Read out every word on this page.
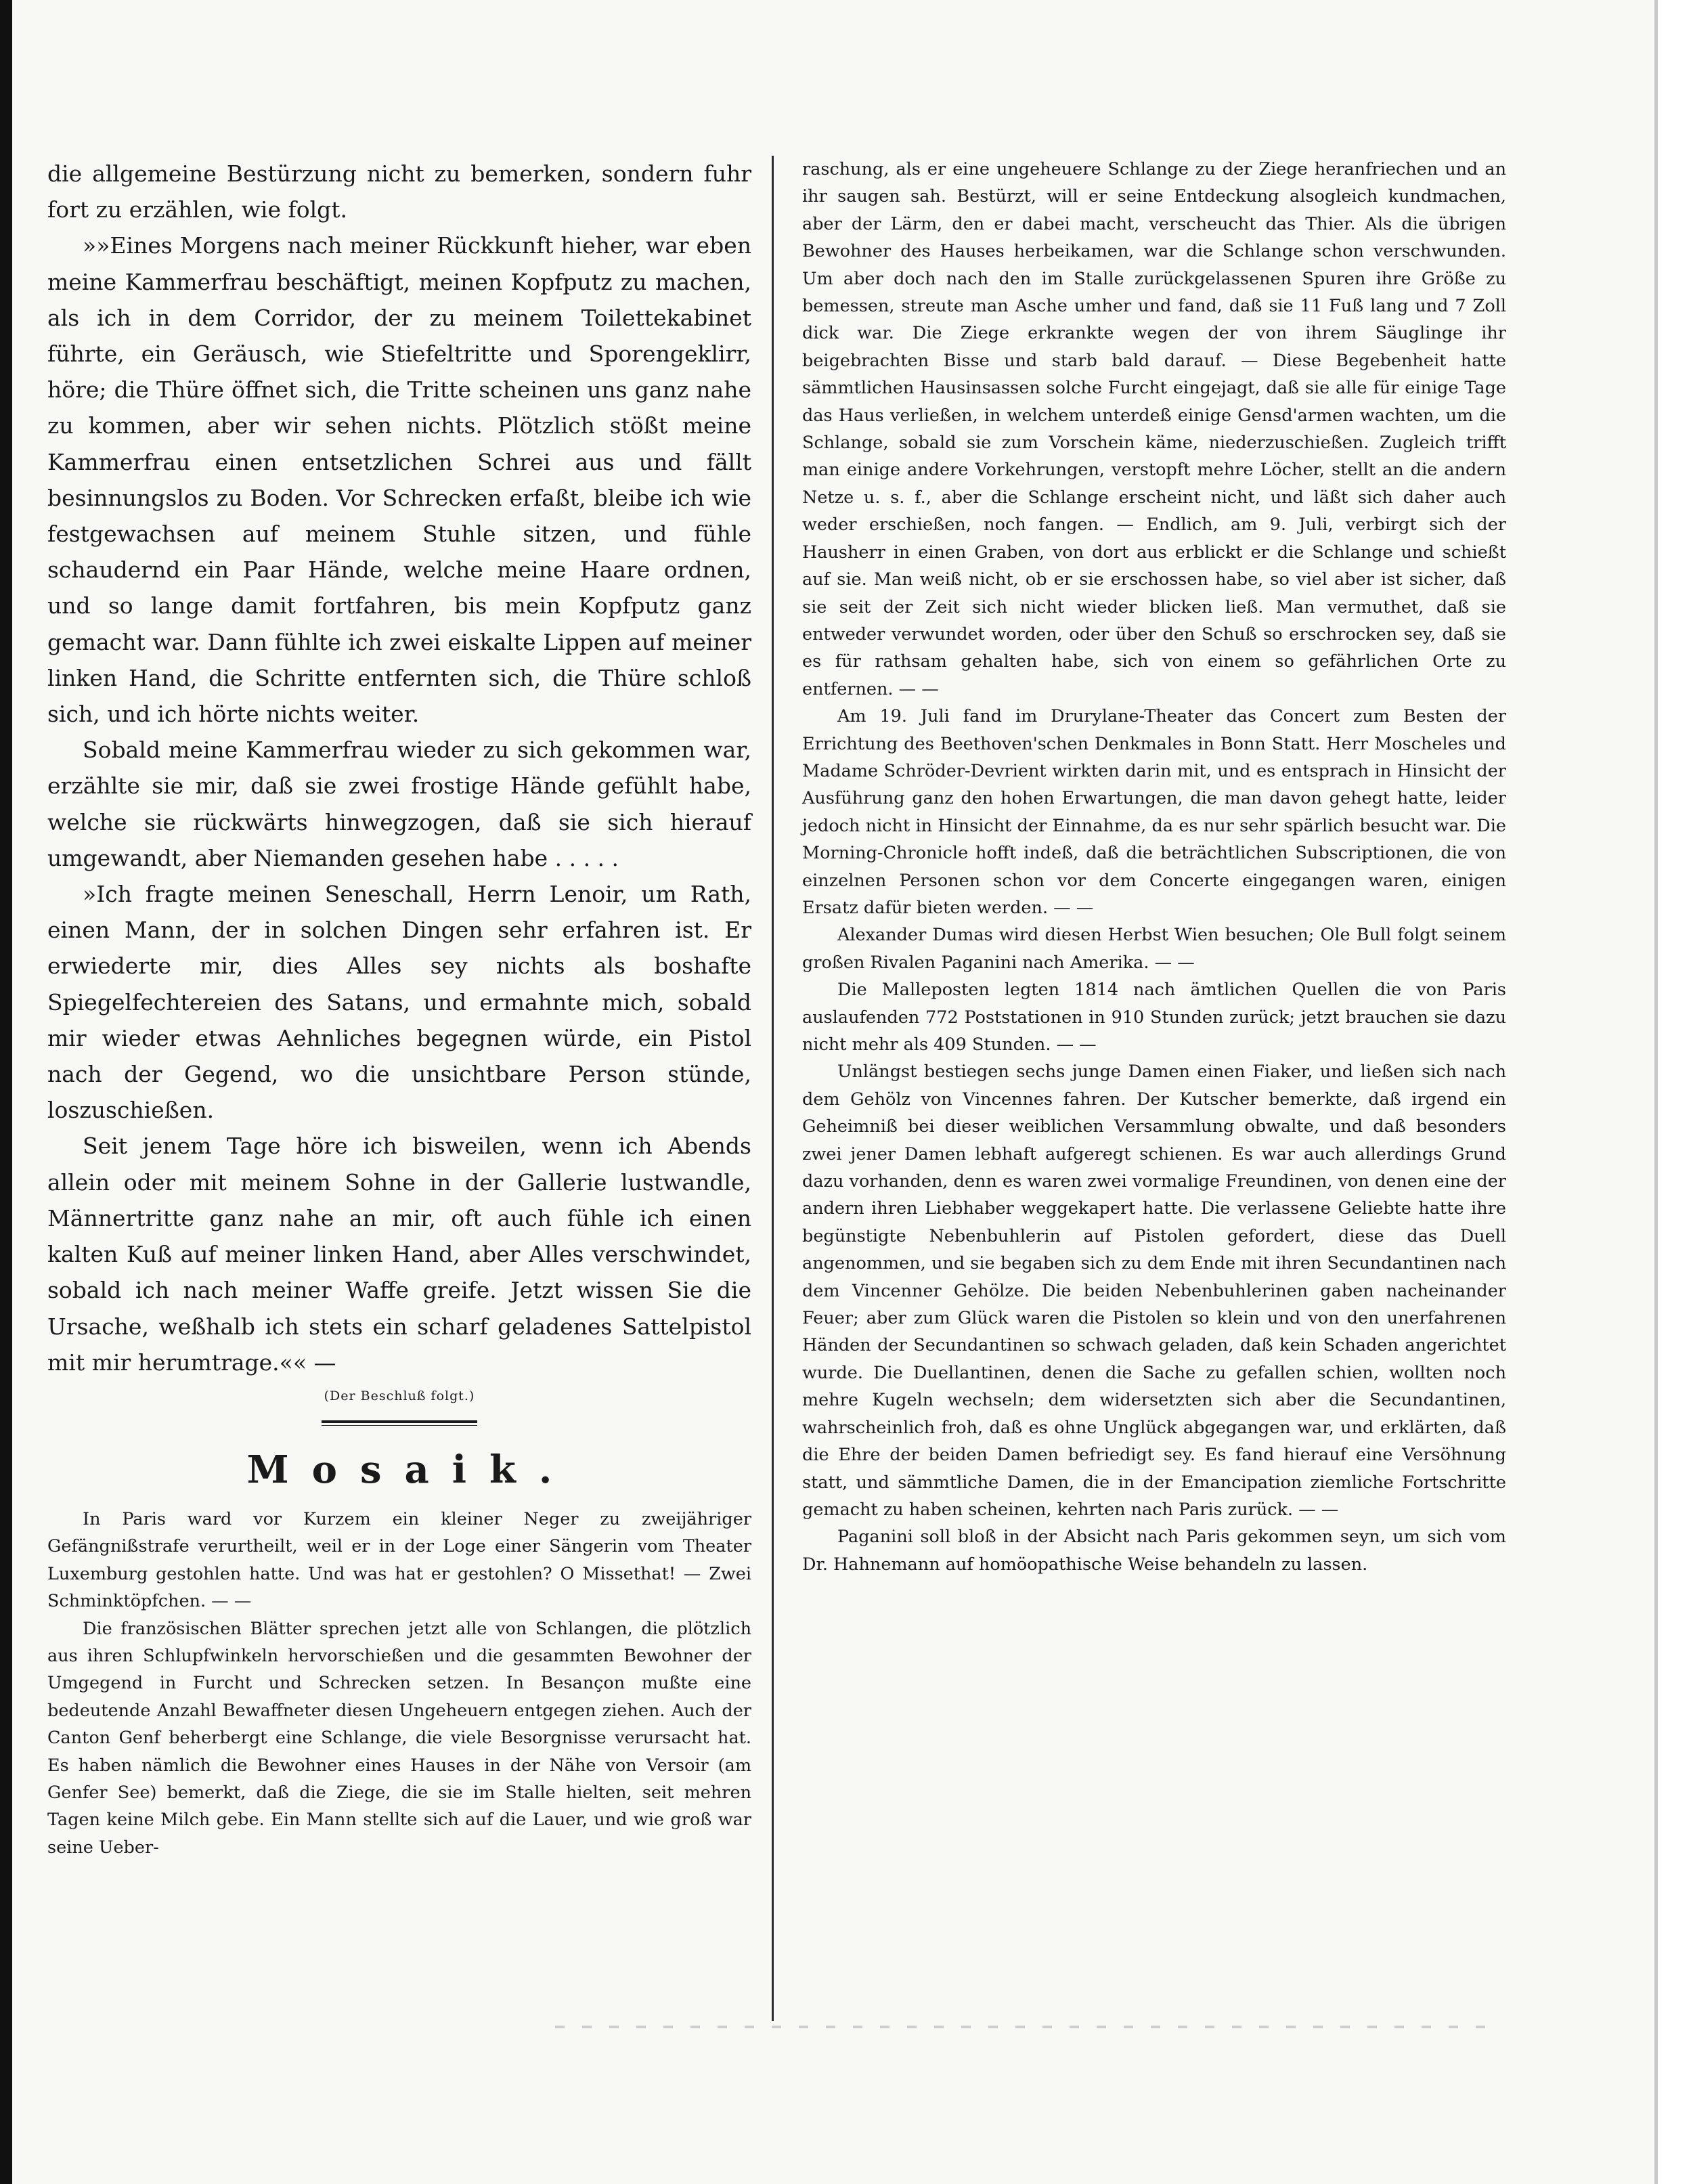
die allgemeine Bestürzung nicht zu bemerken, sondern fuhr fort zu erzählen, wie folgt.

»»Eines Morgens nach meiner Rückkunft hieher, war eben meine Kammerfrau beschäftigt, meinen Kopfputz zu machen, als ich in dem Corridor, der zu meinem Toilettekabinet führte, ein Geräusch, wie Stiefeltritte und Sporengeklirr, höre; die Thüre öffnet sich, die Tritte scheinen uns ganz nahe zu kommen, aber wir sehen nichts. Plötzlich stößt meine Kammerfrau einen entsetzlichen Schrei aus und fällt besinnungslos zu Boden. Vor Schrecken erfaßt, bleibe ich wie festgewachsen auf meinem Stuhle sitzen, und fühle schaudernd ein Paar Hände, welche meine Haare ordnen, und so lange damit fortfahren, bis mein Kopfputz ganz gemacht war. Dann fühlte ich zwei eiskalte Lippen auf meiner linken Hand, die Schritte entfernten sich, die Thüre schloß sich, und ich hörte nichts weiter.

Sobald meine Kammerfrau wieder zu sich gekommen war, erzählte sie mir, daß sie zwei frostige Hände gefühlt habe, welche sie rückwärts hinwegzogen, daß sie sich hierauf umgewandt, aber Niemanden gesehen habe . . . . .

»Ich fragte meinen Seneschall, Herrn Lenoir, um Rath, einen Mann, der in solchen Dingen sehr erfahren ist. Er erwiederte mir, dies Alles sey nichts als boshafte Spiegelfechtereien des Satans, und ermahnte mich, sobald mir wieder etwas Aehnliches begegnen würde, ein Pistol nach der Gegend, wo die unsichtbare Person stünde, loszuschießen.

Seit jenem Tage höre ich bisweilen, wenn ich Abends allein oder mit meinem Sohne in der Gallerie lustwandle, Männertritte ganz nahe an mir, oft auch fühle ich einen kalten Kuß auf meiner linken Hand, aber Alles verschwindet, sobald ich nach meiner Waffe greife. Jetzt wissen Sie die Ursache, weßhalb ich stets ein scharf geladenes Sattelpistol mit mir herumtrage.«« —

(Der Beschluß folgt.)
Mosaik.

In Paris ward vor Kurzem ein kleiner Neger zu zweijähriger Gefängnißstrafe verurtheilt, weil er in der Loge einer Sängerin vom Theater Luxemburg gestohlen hatte. Und was hat er gestohlen? O Missethat! — Zwei Schminktöpfchen. — —

Die französischen Blätter sprechen jetzt alle von Schlangen, die plötzlich aus ihren Schlupfwinkeln hervorschießen und die gesammten Bewohner der Umgegend in Furcht und Schrecken setzen. In Besançon mußte eine bedeutende Anzahl Bewaffneter diesen Ungeheuern entgegen ziehen. Auch der Canton Genf beherbergt eine Schlange, die viele Besorgnisse verursacht hat. Es haben nämlich die Bewohner eines Hauses in der Nähe von Versoir (am Genfer See) bemerkt, daß die Ziege, die sie im Stalle hielten, seit mehren Tagen keine Milch gebe. Ein Mann stellte sich auf die Lauer, und wie groß war seine Ueber-

raschung, als er eine ungeheuere Schlange zu der Ziege heranfriechen und an ihr saugen sah. Bestürzt, will er seine Entdeckung alsogleich kundmachen, aber der Lärm, den er dabei macht, verscheucht das Thier. Als die übrigen Bewohner des Hauses herbeikamen, war die Schlange schon verschwunden. Um aber doch nach den im Stalle zurückgelassenen Spuren ihre Größe zu bemessen, streute man Asche umher und fand, daß sie 11 Fuß lang und 7 Zoll dick war. Die Ziege erkrankte wegen der von ihrem Säuglinge ihr beigebrachten Bisse und starb bald darauf. — Diese Begebenheit hatte sämmtlichen Hausinsassen solche Furcht eingejagt, daß sie alle für einige Tage das Haus verließen, in welchem unterdeß einige Gensd'armen wachten, um die Schlange, sobald sie zum Vorschein käme, niederzuschießen. Zugleich trifft man einige andere Vorkehrungen, verstopft mehre Löcher, stellt an die andern Netze u. s. f., aber die Schlange erscheint nicht, und läßt sich daher auch weder erschießen, noch fangen. — Endlich, am 9. Juli, verbirgt sich der Hausherr in einen Graben, von dort aus erblickt er die Schlange und schießt auf sie. Man weiß nicht, ob er sie erschossen habe, so viel aber ist sicher, daß sie seit der Zeit sich nicht wieder blicken ließ. Man vermuthet, daß sie entweder verwundet worden, oder über den Schuß so erschrocken sey, daß sie es für rathsam gehalten habe, sich von einem so gefährlichen Orte zu entfernen. — —

Am 19. Juli fand im Drurylane-Theater das Concert zum Besten der Errichtung des Beethoven'schen Denkmales in Bonn Statt. Herr Moscheles und Madame Schröder-Devrient wirkten darin mit, und es entsprach in Hinsicht der Ausführung ganz den hohen Erwartungen, die man davon gehegt hatte, leider jedoch nicht in Hinsicht der Einnahme, da es nur sehr spärlich besucht war. Die Morning-Chronicle hofft indeß, daß die beträchtlichen Subscriptionen, die von einzelnen Personen schon vor dem Concerte eingegangen waren, einigen Ersatz dafür bieten werden. — —

Alexander Dumas wird diesen Herbst Wien besuchen; Ole Bull folgt seinem großen Rivalen Paganini nach Amerika. — —

Die Malleposten legten 1814 nach ämtlichen Quellen die von Paris auslaufenden 772 Poststationen in 910 Stunden zurück; jetzt brauchen sie dazu nicht mehr als 409 Stunden. — —

Unlängst bestiegen sechs junge Damen einen Fiaker, und ließen sich nach dem Gehölz von Vincennes fahren. Der Kutscher bemerkte, daß irgend ein Geheimniß bei dieser weiblichen Versammlung obwalte, und daß besonders zwei jener Damen lebhaft aufgeregt schienen. Es war auch allerdings Grund dazu vorhanden, denn es waren zwei vormalige Freundinen, von denen eine der andern ihren Liebhaber weggekapert hatte. Die verlassene Geliebte hatte ihre begünstigte Nebenbuhlerin auf Pistolen gefordert, diese das Duell angenommen, und sie begaben sich zu dem Ende mit ihren Secundantinen nach dem Vincenner Gehölze. Die beiden Nebenbuhlerinen gaben nacheinander Feuer; aber zum Glück waren die Pistolen so klein und von den unerfahrenen Händen der Secundantinen so schwach geladen, daß kein Schaden angerichtet wurde. Die Duellantinen, denen die Sache zu gefallen schien, wollten noch mehre Kugeln wechseln; dem widersetzten sich aber die Secundantinen, wahrscheinlich froh, daß es ohne Unglück abgegangen war, und erklärten, daß die Ehre der beiden Damen befriedigt sey. Es fand hierauf eine Versöhnung statt, und sämmtliche Damen, die in der Emancipation ziemliche Fortschritte gemacht zu haben scheinen, kehrten nach Paris zurück. — —

Paganini soll bloß in der Absicht nach Paris gekommen seyn, um sich vom Dr. Hahnemann auf homöopathische Weise behandeln zu lassen.
